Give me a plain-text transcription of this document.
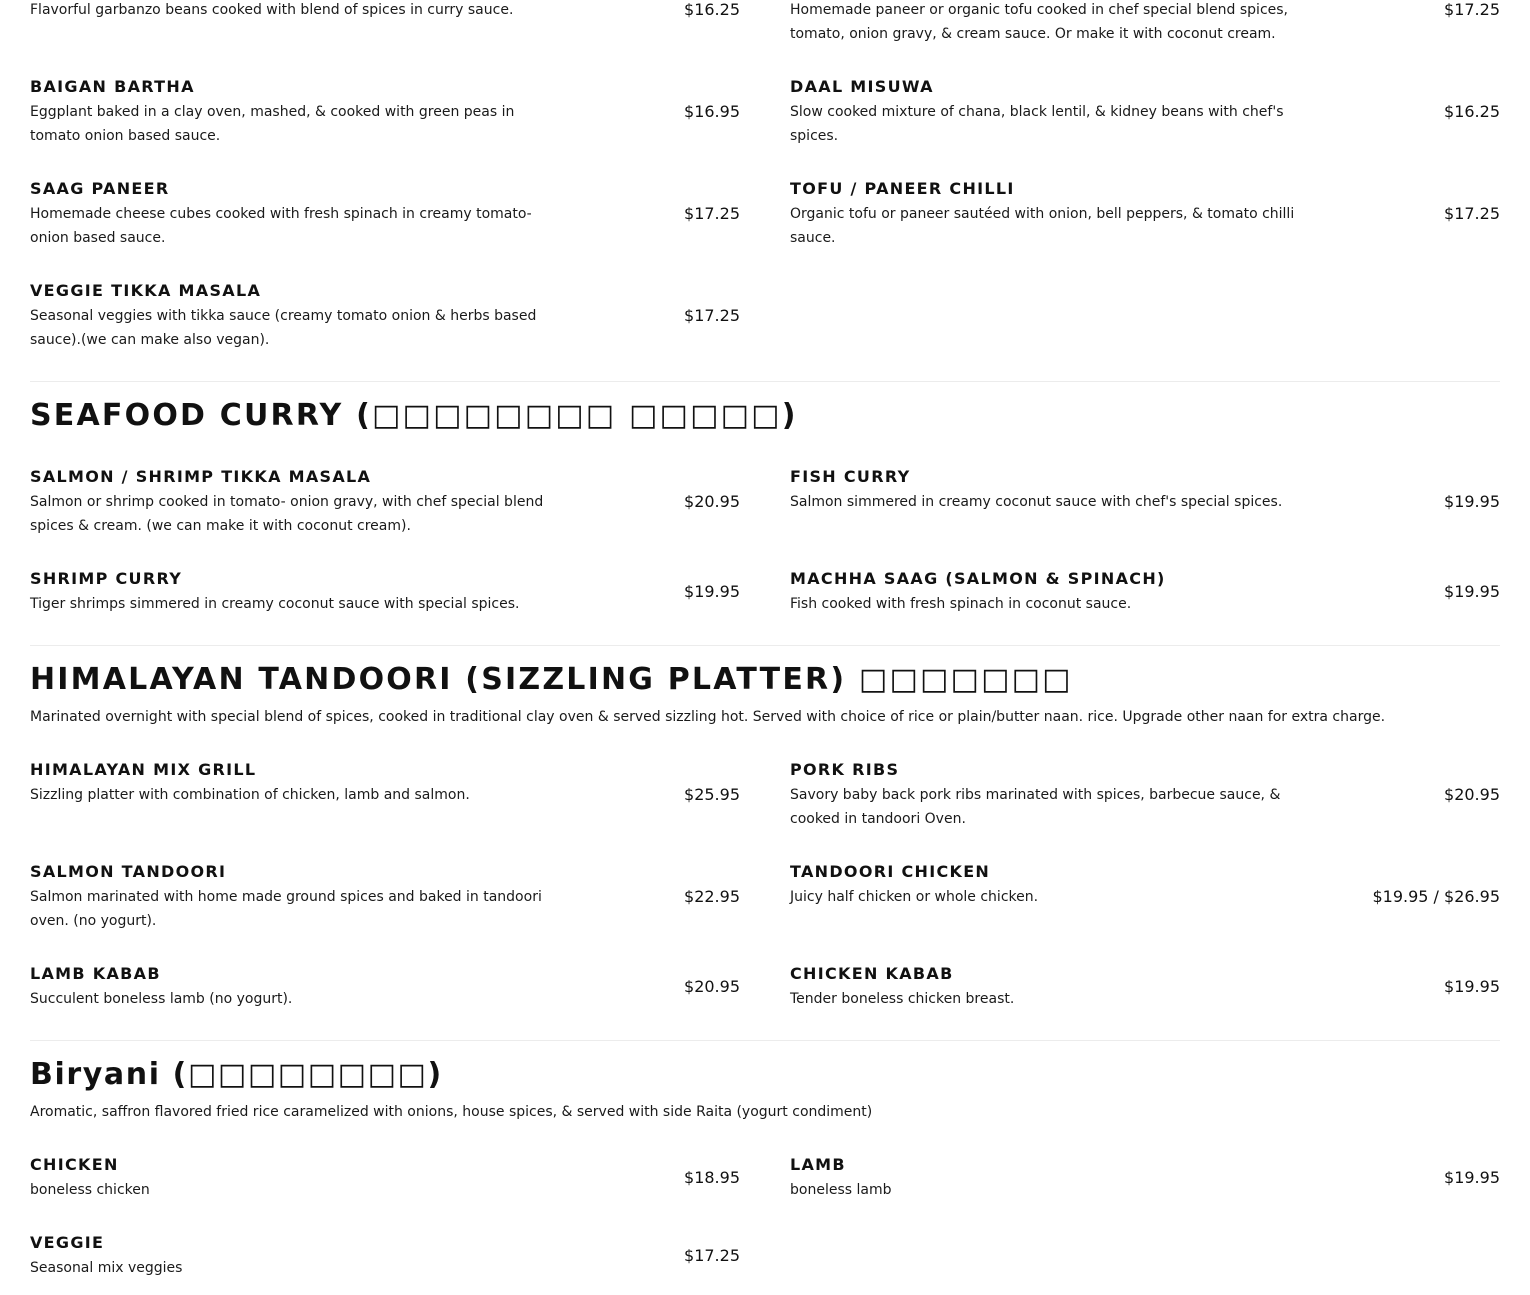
Flavorful garbanzo beans cooked with blend of spices in curry sauce.	$16.25	Homemade paneer or organic tofu cooked in chef special blend spices, tomato, onion gravy, & cream sauce. Or make it with coconut cream.
$17.25
BAIGAN BARTHA
Eggplant baked in a clay oven, mashed, & cooked with green peas in tomato onion based sauce.
$16.95
DAAL MISUWA
Slow cooked mixture of chana, black lentil, & kidney beans with chef's spices.
$16.25
SAAG PANEER
Homemade cheese cubes cooked with fresh spinach in creamy tomato-onion based sauce.
$17.25
TOFU / PANEER CHILLI
Organic tofu or paneer sautéed with onion, bell peppers, & tomato chilli sauce.
$17.25
VEGGIE TIKKA MASALA
Seasonal veggies with tikka sauce (creamy tomato onion & herbs based sauce).(we can make also vegan).
$17.25
SEAFOOD CURRY (□□□□□□□□ □□□□□)
SALMON / SHRIMP TIKKA MASALA
Salmon or shrimp cooked in tomato- onion gravy, with chef special blend spices & cream. (we can make it with coconut cream).
$20.95
FISH CURRY
Salmon simmered in creamy coconut sauce with chef's special spices.	$19.95
SHRIMP CURRY
Tiger shrimps simmered in creamy coconut sauce with special spices.
$19.95
MACHHA SAAG (SALMON & SPINACH)
Fish cooked with fresh spinach in coconut sauce.
$19.95
HIMALAYAN TANDOORI (SIZZLING PLATTER) □□□□□□□
Marinated overnight with special blend of spices, cooked in traditional clay oven & served sizzling hot. Served with choice of rice or plain/butter naan. rice. Upgrade other naan for extra charge.
HIMALAYAN MIX GRILL
Sizzling platter with combination of chicken, lamb and salmon.	$25.95
PORK RIBS
Savory baby back pork ribs marinated with spices, barbecue sauce, & cooked in tandoori Oven.
$20.95
SALMON TANDOORI
Salmon marinated with home made ground spices and baked in tandoori oven. (no yogurt).
$22.95
TANDOORI CHICKEN
Juicy half chicken or whole chicken.	$19.95 / $26.95
LAMB KABAB
Succulent boneless lamb (no yogurt).
$20.95
CHICKEN KABAB
Tender boneless chicken breast.
$19.95
Biryani (□□□□□□□□)
Aromatic, saffron flavored fried rice caramelized with onions, house spices, & served with side Raita (yogurt condiment)
CHICKEN
boneless chicken
$18.95
LAMB
boneless lamb
$19.95
VEGGIE
Seasonal mix veggies
$17.25
